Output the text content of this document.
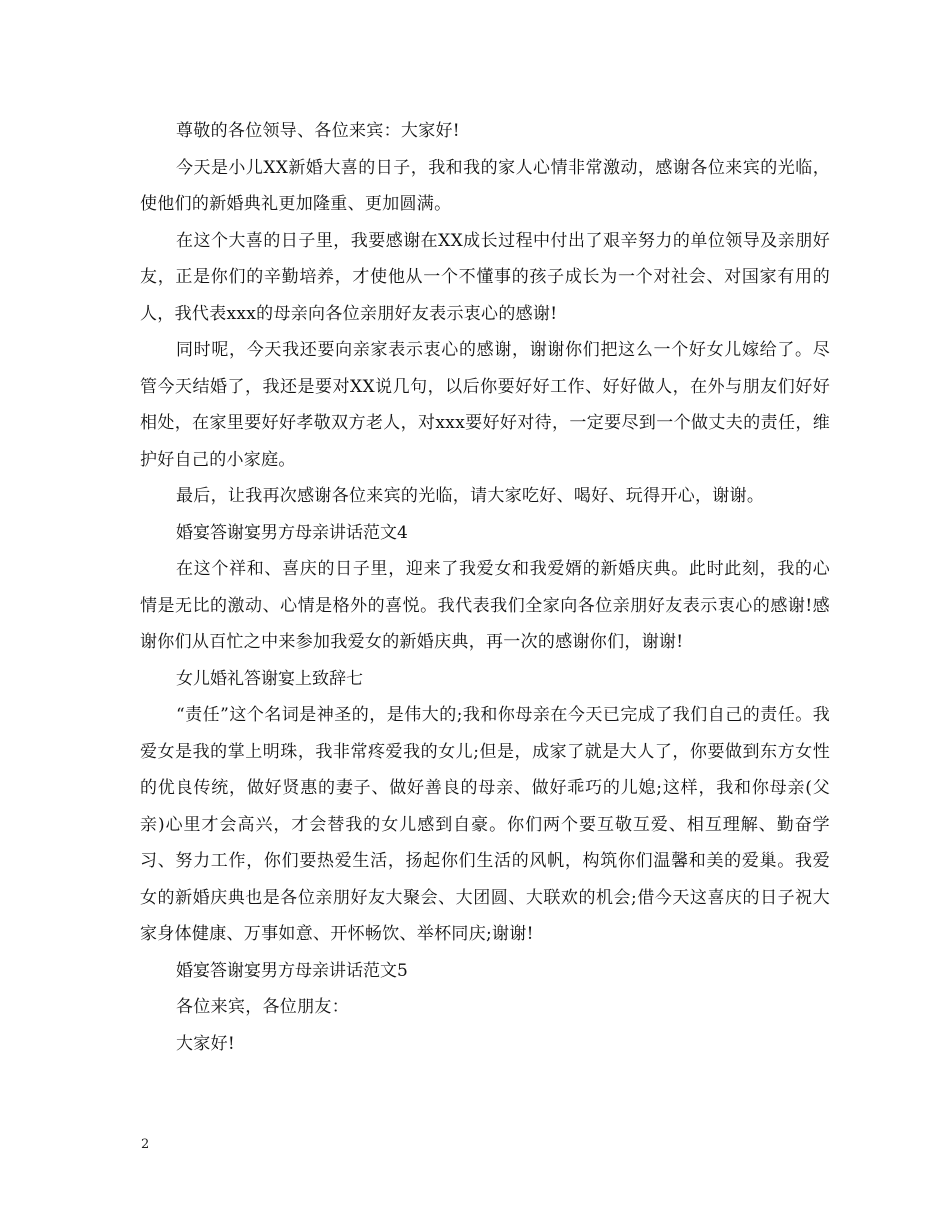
尊敬的各位领导、各位来宾：大家好!

今天是小儿XX新婚大喜的日子，我和我的家人心情非常激动，感谢各位来宾的光临，使他们的新婚典礼更加隆重、更加圆满。

在这个大喜的日子里，我要感谢在XX成长过程中付出了艰辛努力的单位领导及亲朋好友，正是你们的辛勤培养，才使他从一个不懂事的孩子成长为一个对社会、对国家有用的人，我代表xxx的母亲向各位亲朋好友表示衷心的感谢!

同时呢，今天我还要向亲家表示衷心的感谢，谢谢你们把这么一个好女儿嫁给了。尽管今天结婚了，我还是要对XX说几句，以后你要好好工作、好好做人，在外与朋友们好好相处，在家里要好好孝敬双方老人，对xxx要好好对待，一定要尽到一个做丈夫的责任，维护好自己的小家庭。

最后，让我再次感谢各位来宾的光临，请大家吃好、喝好、玩得开心，谢谢。

婚宴答谢宴男方母亲讲话范文4

在这个祥和、喜庆的日子里，迎来了我爱女和我爱婿的新婚庆典。此时此刻，我的心情是无比的激动、心情是格外的喜悦。我代表我们全家向各位亲朋好友表示衷心的感谢!感谢你们从百忙之中来参加我爱女的新婚庆典，再一次的感谢你们，谢谢!

女儿婚礼答谢宴上致辞七

“责任”这个名词是神圣的，是伟大的;我和你母亲在今天已完成了我们自己的责任。我爱女是我的掌上明珠，我非常疼爱我的女儿;但是，成家了就是大人了，你要做到东方女性的优良传统，做好贤惠的妻子、做好善良的母亲、做好乖巧的儿媳;这样，我和你母亲(父亲)心里才会高兴，才会替我的女儿感到自豪。你们两个要互敬互爱、相互理解、勤奋学习、努力工作，你们要热爱生活，扬起你们生活的风帆，构筑你们温馨和美的爱巢。我爱女的新婚庆典也是各位亲朋好友大聚会、大团圆、大联欢的机会;借今天这喜庆的日子祝大家身体健康、万事如意、开怀畅饮、举杯同庆;谢谢!

婚宴答谢宴男方母亲讲话范文5

各位来宾，各位朋友：

大家好!

2
